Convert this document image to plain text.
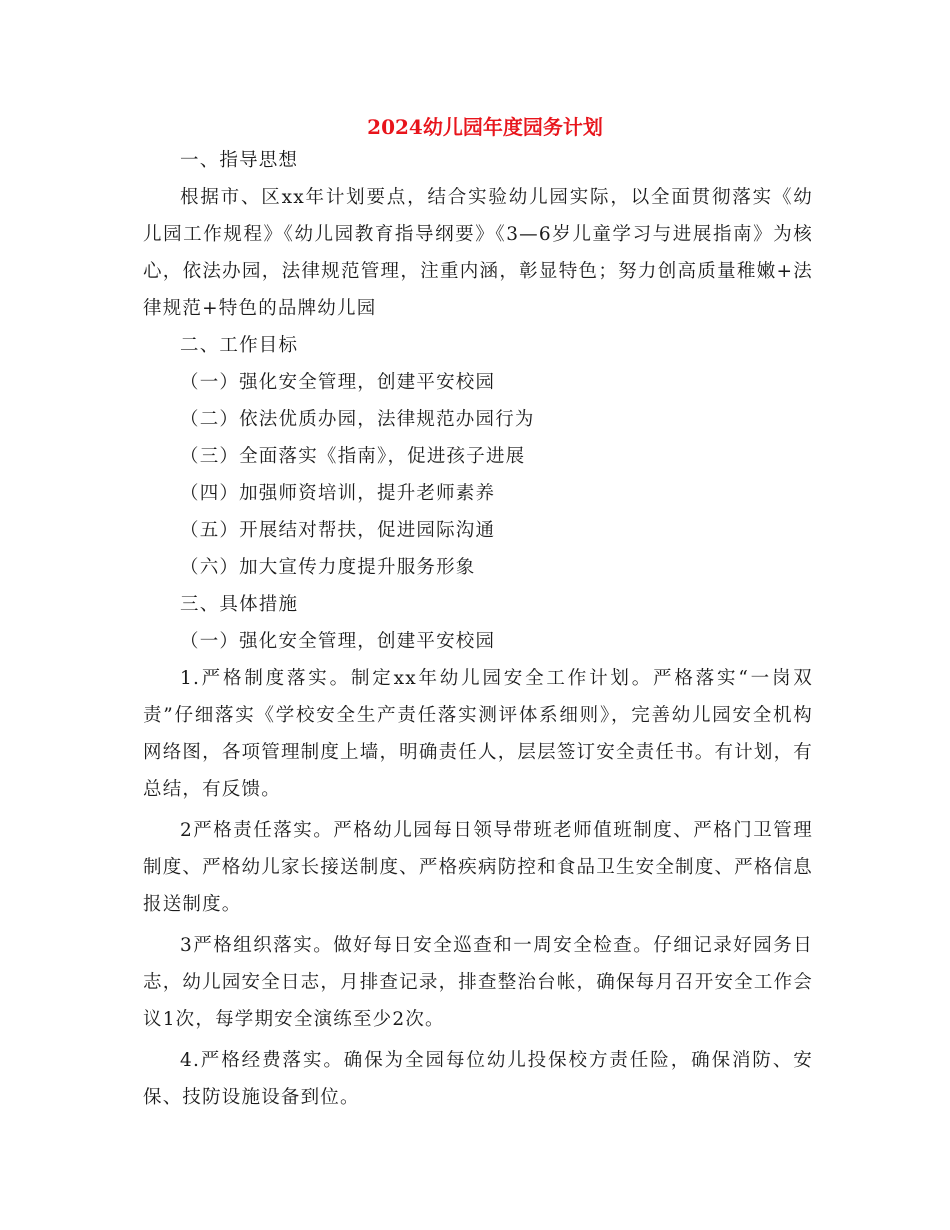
2024幼儿园年度园务计划
一、指导思想

根据市、区xx年计划要点，结合实验幼儿园实际，以全面贯彻落实《幼儿园工作规程》《幼儿园教育指导纲要》《3—6岁儿童学习与进展指南》为核心，依法办园，法律规范管理，注重内涵，彰显特色；努力创高质量稚嫩+法律规范+特色的品牌幼儿园

二、工作目标
（一）强化安全管理，创建平安校园
（二）依法优质办园，法律规范办园行为
（三）全面落实《指南》，促进孩子进展
（四）加强师资培训，提升老师素养
（五）开展结对帮扶，促进园际沟通
（六）加大宣传力度提升服务形象
三、具体措施
（一）强化安全管理，创建平安校园

1.严格制度落实。制定xx年幼儿园安全工作计划。严格落实“一岗双责”仔细落实《学校安全生产责任落实测评体系细则》，完善幼儿园安全机构网络图，各项管理制度上墙，明确责任人，层层签订安全责任书。有计划，有总结，有反馈。

2严格责任落实。严格幼儿园每日领导带班老师值班制度、严格门卫管理制度、严格幼儿家长接送制度、严格疾病防控和食品卫生安全制度、严格信息报送制度。

3严格组织落实。做好每日安全巡查和一周安全检查。仔细记录好园务日志，幼儿园安全日志，月排查记录，排查整治台帐，确保每月召开安全工作会议1次，每学期安全演练至少2次。

4.严格经费落实。确保为全园每位幼儿投保校方责任险，确保消防、安保、技防设施设备到位。
